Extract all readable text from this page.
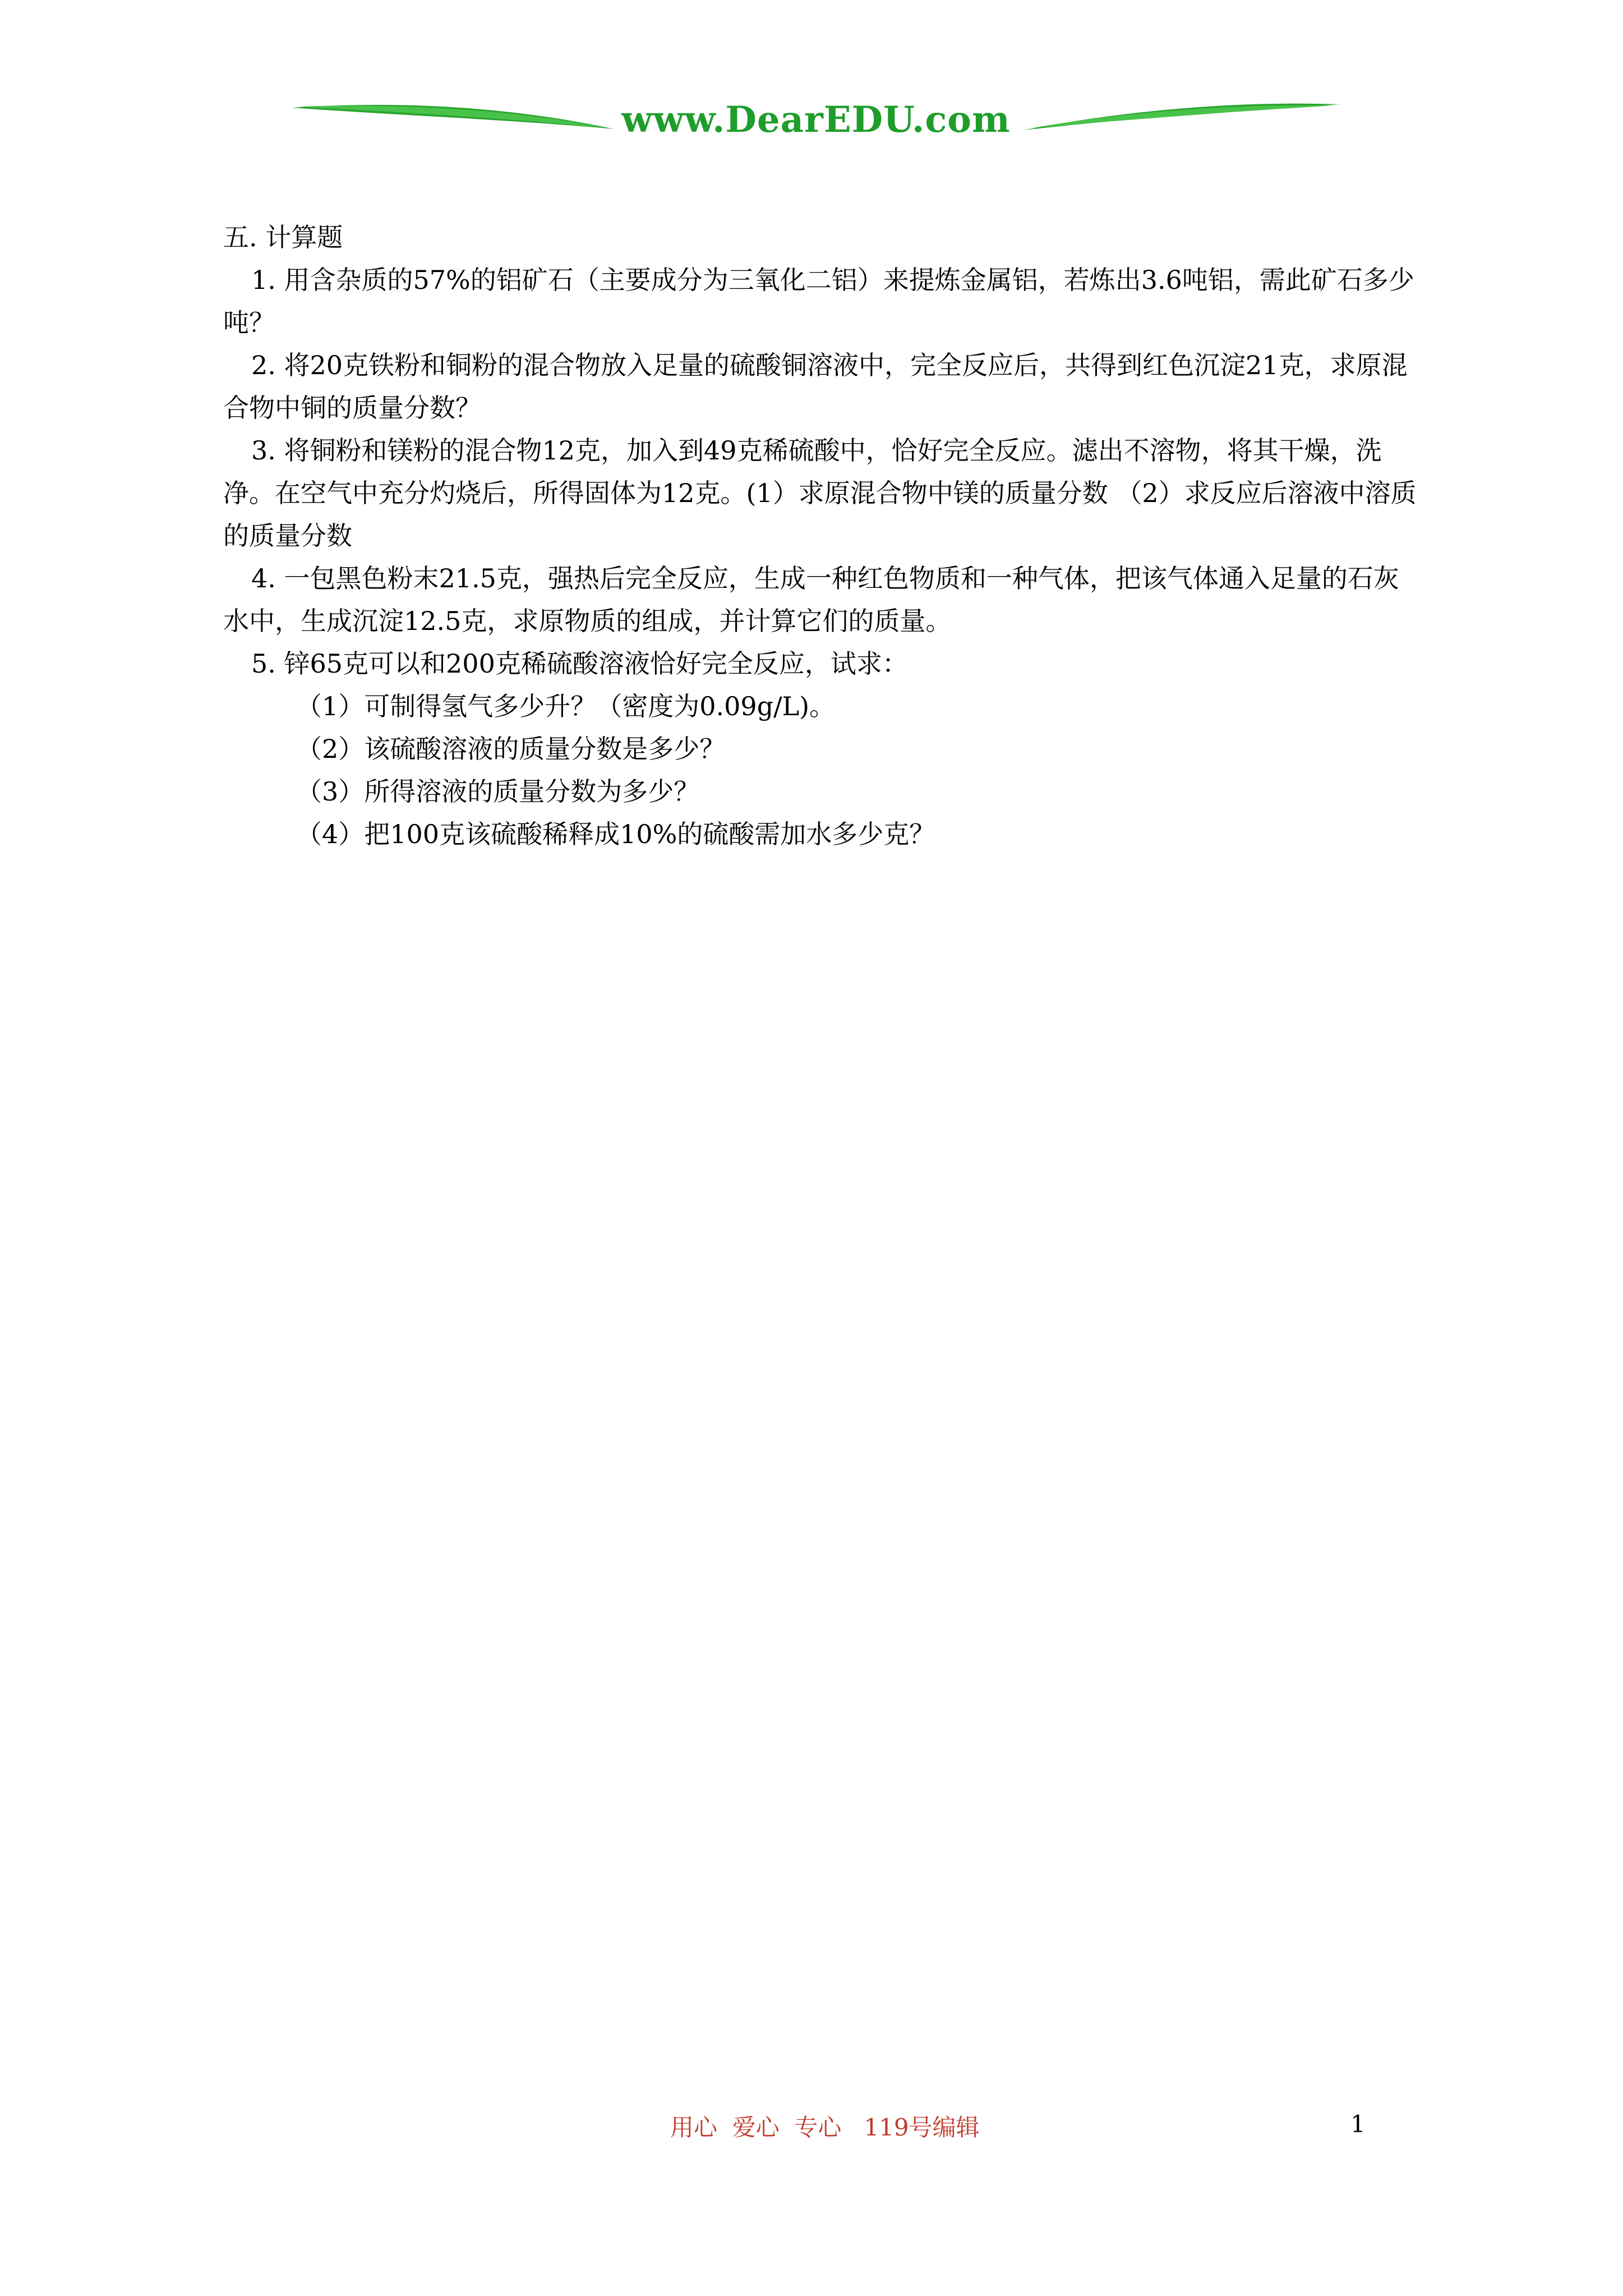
www.DearEDU.com

五. 计算题

1. 用含杂质的57%的铝矿石（主要成分为三氧化二铝）来提炼金属铝，若炼出3.6吨铝，需此矿石多少吨？

2. 将20克铁粉和铜粉的混合物放入足量的硫酸铜溶液中，完全反应后，共得到红色沉淀21克，求原混合物中铜的质量分数？

3. 将铜粉和镁粉的混合物12克，加入到49克稀硫酸中，恰好完全反应。滤出不溶物，将其干燥，洗净。在空气中充分灼烧后，所得固体为12克。(1）求原混合物中镁的质量分数 （2）求反应后溶液中溶质的质量分数

4. 一包黑色粉末21.5克，强热后完全反应，生成一种红色物质和一种气体，把该气体通入足量的石灰水中，生成沉淀12.5克，求原物质的组成，并计算它们的质量。

5. 锌65克可以和200克稀硫酸溶液恰好完全反应，试求：

（1）可制得氢气多少升？（密度为0.09g/L)。

（2）该硫酸溶液的质量分数是多少？

（3）所得溶液的质量分数为多少？

（4）把100克该硫酸稀释成10%的硫酸需加水多少克？

用心  爱心  专心   119号编辑	1
